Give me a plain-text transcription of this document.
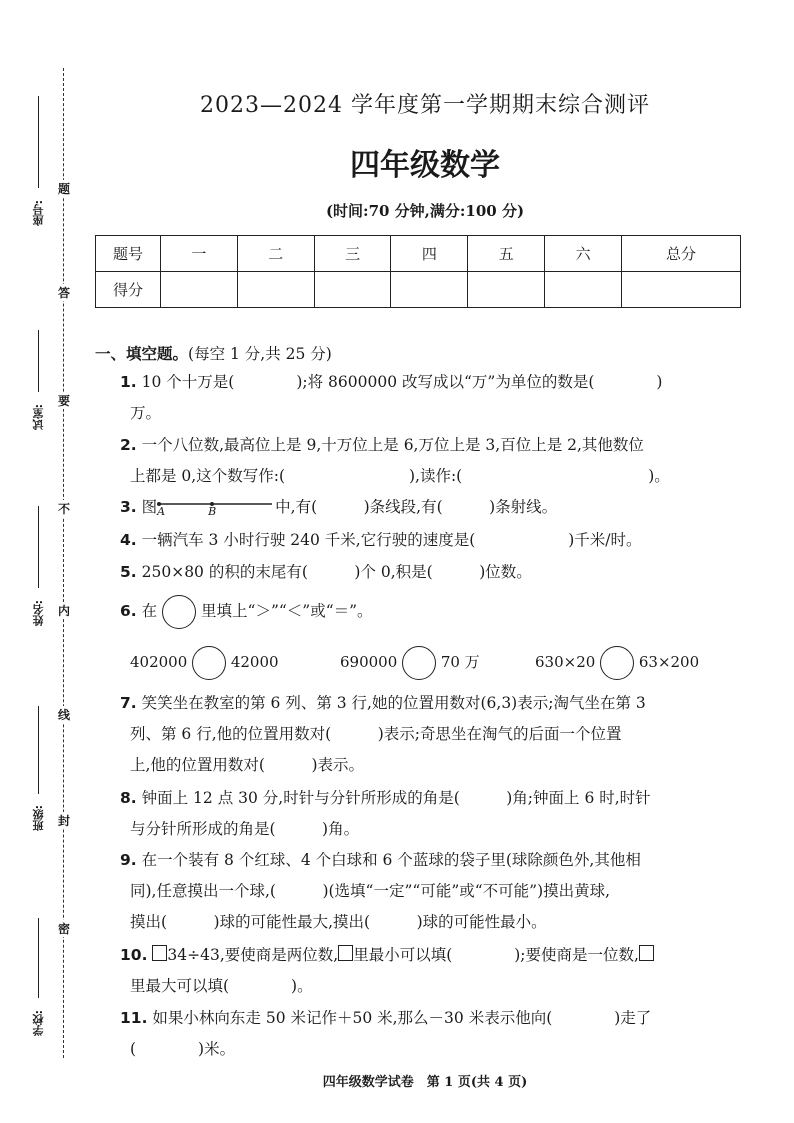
题
答
要
不
内
线
封
密
座号:
试室:
姓名:
班级:
学校:
2023—2024 学年度第一学期期末综合测评
四年级数学
(时间:70 分钟,满分:100 分)
题号	一	二	三	四	五	六	总分
得分							
一、填空题。(每空 1 分,共 25 分)
1. 10 个十万是(　　　　);将 8600000 改写成以“万”为单位的数是(　　　　)
万。
2. 一个八位数,最高位上是 9,十万位上是 6,万位上是 3,百位上是 2,其他数位
上都是 0,这个数写作:(　　　　　　　　),读作:(　　　　　　　　　　　　)。
3. 图 A	B	中,有(　　　)条线段,有(　　　)条射线。
4. 一辆汽车 3 小时行驶 240 千米,它行驶的速度是(　　　　　　)千米/时。
5. 250×80 的积的末尾有(　　　)个 0,积是(　　　)位数。
6. 在	里填上“＞”“＜”或“＝”。
402000	42000	690000	70 万	630×20	63×200
7. 笑笑坐在教室的第 6 列、第 3 行,她的位置用数对(6,3)表示;淘气坐在第 3
列、第 6 行,他的位置用数对(　　　)表示;奇思坐在淘气的后面一个位置
上,他的位置用数对(　　　)表示。
8. 钟面上 12 点 30 分,时针与分针所形成的角是(　　　)角;钟面上 6 时,时针
与分针所形成的角是(　　　)角。
9. 在一个装有 8 个红球、4 个白球和 6 个蓝球的袋子里(球除颜色外,其他相
同),任意摸出一个球,(　　　)(选填“一定”“可能”或“不可能”)摸出黄球,
摸出(　　　)球的可能性最大,摸出(　　　)球的可能性最小。
10. 34÷43,要使商是两位数, 里最小可以填(　　　　);要使商是一位数,
里最大可以填(　　　　)。
11. 如果小林向东走 50 米记作＋50 米,那么－30 米表示他向(　　　　)走了
(　　　　)米。
四年级数学试卷　第 1 页(共 4 页)
